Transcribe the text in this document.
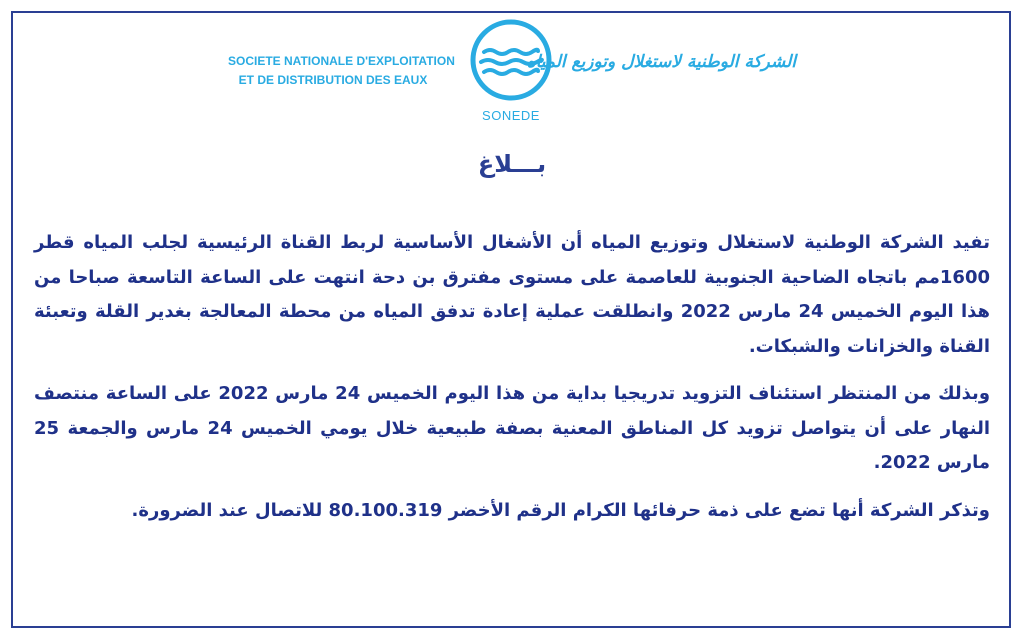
SOCIETE NATIONALE D'EXPLOITATION
ET DE DISTRIBUTION DES EAUX
SONEDE
الشركة الوطنية لاستغلال وتوزيع المياه
بـــلاغ

تفيد الشركة الوطنية لاستغلال وتوزيع المياه أن الأشغال الأساسية لربط القناة الرئيسية لجلب المياه قطر 1600مم باتجاه الضاحية الجنوبية للعاصمة على مستوى مفترق بن دحة انتهت على الساعة التاسعة صباحا من هذا اليوم الخميس 24 مارس 2022 وانطلقت عملية إعادة تدفق المياه من محطة المعالجة بغدير القلة وتعبئة القناة والخزانات والشبكات.

وبذلك من المنتظر استئناف التزويد تدريجيا بداية من هذا اليوم الخميس 24 مارس 2022 على الساعة منتصف النهار على أن يتواصل تزويد كل المناطق المعنية بصفة طبيعية خلال يومي الخميس 24 مارس والجمعة 25 مارس 2022.

وتذكر الشركة أنها تضع على ذمة حرفائها الكرام الرقم الأخضر 80.100.319 للاتصال عند الضرورة.
